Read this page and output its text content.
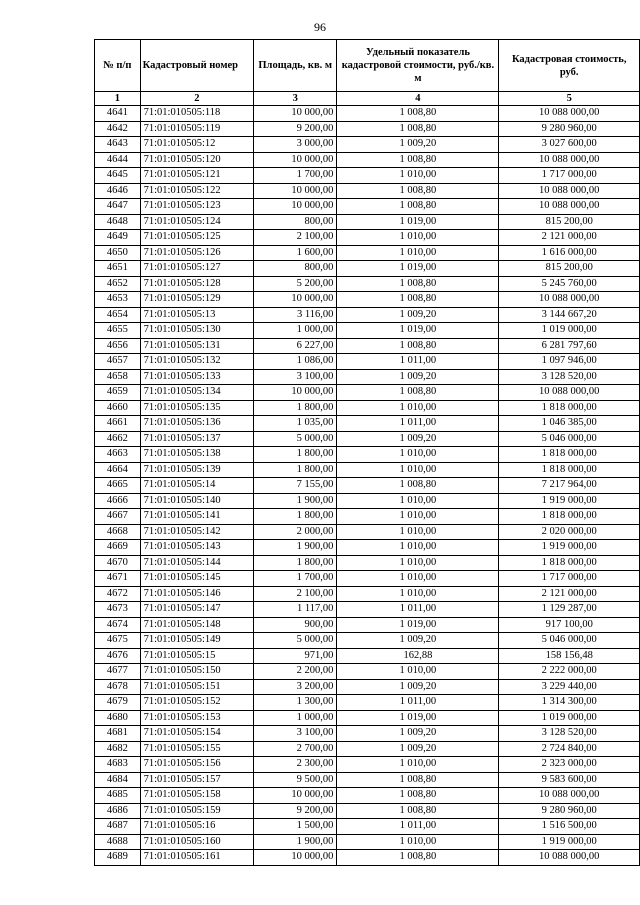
96
№ п/п	Кадастровый номер	Площадь, кв. м	Удельный показатель кадастровой стоимости, руб./кв. м	Кадастровая стоимость, руб.
1	2	3	4	5
4641	71:01:010505:118	10 000,00	1 008,80	10 088 000,00
4642	71:01:010505:119	9 200,00	1 008,80	9 280 960,00
4643	71:01:010505:12	3 000,00	1 009,20	3 027 600,00
4644	71:01:010505:120	10 000,00	1 008,80	10 088 000,00
4645	71:01:010505:121	1 700,00	1 010,00	1 717 000,00
4646	71:01:010505:122	10 000,00	1 008,80	10 088 000,00
4647	71:01:010505:123	10 000,00	1 008,80	10 088 000,00
4648	71:01:010505:124	800,00	1 019,00	815 200,00
4649	71:01:010505:125	2 100,00	1 010,00	2 121 000,00
4650	71:01:010505:126	1 600,00	1 010,00	1 616 000,00
4651	71:01:010505:127	800,00	1 019,00	815 200,00
4652	71:01:010505:128	5 200,00	1 008,80	5 245 760,00
4653	71:01:010505:129	10 000,00	1 008,80	10 088 000,00
4654	71:01:010505:13	3 116,00	1 009,20	3 144 667,20
4655	71:01:010505:130	1 000,00	1 019,00	1 019 000,00
4656	71:01:010505:131	6 227,00	1 008,80	6 281 797,60
4657	71:01:010505:132	1 086,00	1 011,00	1 097 946,00
4658	71:01:010505:133	3 100,00	1 009,20	3 128 520,00
4659	71:01:010505:134	10 000,00	1 008,80	10 088 000,00
4660	71:01:010505:135	1 800,00	1 010,00	1 818 000,00
4661	71:01:010505:136	1 035,00	1 011,00	1 046 385,00
4662	71:01:010505:137	5 000,00	1 009,20	5 046 000,00
4663	71:01:010505:138	1 800,00	1 010,00	1 818 000,00
4664	71:01:010505:139	1 800,00	1 010,00	1 818 000,00
4665	71:01:010505:14	7 155,00	1 008,80	7 217 964,00
4666	71:01:010505:140	1 900,00	1 010,00	1 919 000,00
4667	71:01:010505:141	1 800,00	1 010,00	1 818 000,00
4668	71:01:010505:142	2 000,00	1 010,00	2 020 000,00
4669	71:01:010505:143	1 900,00	1 010,00	1 919 000,00
4670	71:01:010505:144	1 800,00	1 010,00	1 818 000,00
4671	71:01:010505:145	1 700,00	1 010,00	1 717 000,00
4672	71:01:010505:146	2 100,00	1 010,00	2 121 000,00
4673	71:01:010505:147	1 117,00	1 011,00	1 129 287,00
4674	71:01:010505:148	900,00	1 019,00	917 100,00
4675	71:01:010505:149	5 000,00	1 009,20	5 046 000,00
4676	71:01:010505:15	971,00	162,88	158 156,48
4677	71:01:010505:150	2 200,00	1 010,00	2 222 000,00
4678	71:01:010505:151	3 200,00	1 009,20	3 229 440,00
4679	71:01:010505:152	1 300,00	1 011,00	1 314 300,00
4680	71:01:010505:153	1 000,00	1 019,00	1 019 000,00
4681	71:01:010505:154	3 100,00	1 009,20	3 128 520,00
4682	71:01:010505:155	2 700,00	1 009,20	2 724 840,00
4683	71:01:010505:156	2 300,00	1 010,00	2 323 000,00
4684	71:01:010505:157	9 500,00	1 008,80	9 583 600,00
4685	71:01:010505:158	10 000,00	1 008,80	10 088 000,00
4686	71:01:010505:159	9 200,00	1 008,80	9 280 960,00
4687	71:01:010505:16	1 500,00	1 011,00	1 516 500,00
4688	71:01:010505:160	1 900,00	1 010,00	1 919 000,00
4689	71:01:010505:161	10 000,00	1 008,80	10 088 000,00
